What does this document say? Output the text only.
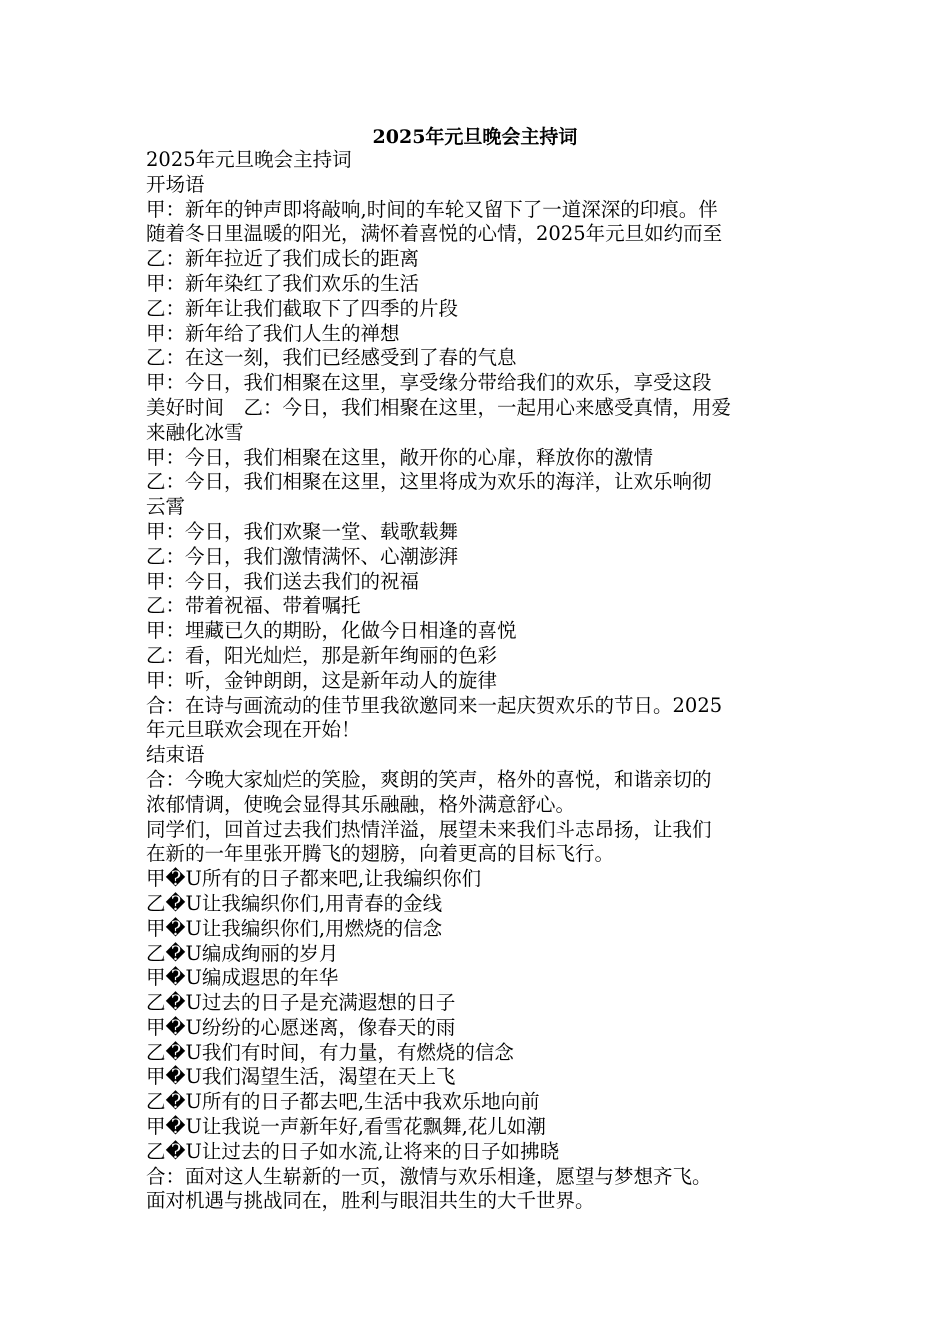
2025年元旦晚会主持词
2025年元旦晚会主持词
开场语
甲：新年的钟声即将敲响,时间的车轮又留下了一道深深的印痕。伴
随着冬日里温暖的阳光，满怀着喜悦的心情，2025年元旦如约而至
乙：新年拉近了我们成长的距离
甲：新年染红了我们欢乐的生活
乙：新年让我们截取下了四季的片段
甲：新年给了我们人生的禅想
乙：在这一刻，我们已经感受到了春的气息
甲：今日，我们相聚在这里，享受缘分带给我们的欢乐，享受这段
美好时间　乙：今日，我们相聚在这里，一起用心来感受真情，用爱
来融化冰雪
甲：今日，我们相聚在这里，敞开你的心扉，释放你的激情
乙：今日，我们相聚在这里，这里将成为欢乐的海洋，让欢乐响彻
云霄
甲：今日，我们欢聚一堂、载歌载舞
乙：今日，我们激情满怀、心潮澎湃
甲：今日，我们送去我们的祝福
乙：带着祝福、带着嘱托
甲：埋藏已久的期盼，化做今日相逢的喜悦
乙：看，阳光灿烂，那是新年绚丽的色彩
甲：听，金钟朗朗，这是新年动人的旋律
合：在诗与画流动的佳节里我欲邀同来一起庆贺欢乐的节日。2025
年元旦联欢会现在开始！
结束语
合：今晚大家灿烂的笑脸，爽朗的笑声，格外的喜悦，和谐亲切的
浓郁情调，使晚会显得其乐融融，格外满意舒心。
同学们，回首过去我们热情洋溢，展望未来我们斗志昂扬，让我们
在新的一年里张开腾飞的翅膀，向着更高的目标飞行。
甲�U所有的日子都来吧,让我编织你们
乙�U让我编织你们,用青春的金线
甲�U让我编织你们,用燃烧的信念
乙�U编成绚丽的岁月
甲�U编成遐思的年华
乙�U过去的日子是充满遐想的日子
甲�U纷纷的心愿迷离，像春天的雨
乙�U我们有时间，有力量，有燃烧的信念
甲�U我们渴望生活，渴望在天上飞
乙�U所有的日子都去吧,生活中我欢乐地向前
甲�U让我说一声新年好,看雪花飘舞,花儿如潮
乙�U让过去的日子如水流,让将来的日子如拂晓
合：面对这人生崭新的一页，激情与欢乐相逢，愿望与梦想齐飞。
面对机遇与挑战同在，胜利与眼泪共生的大千世界。
